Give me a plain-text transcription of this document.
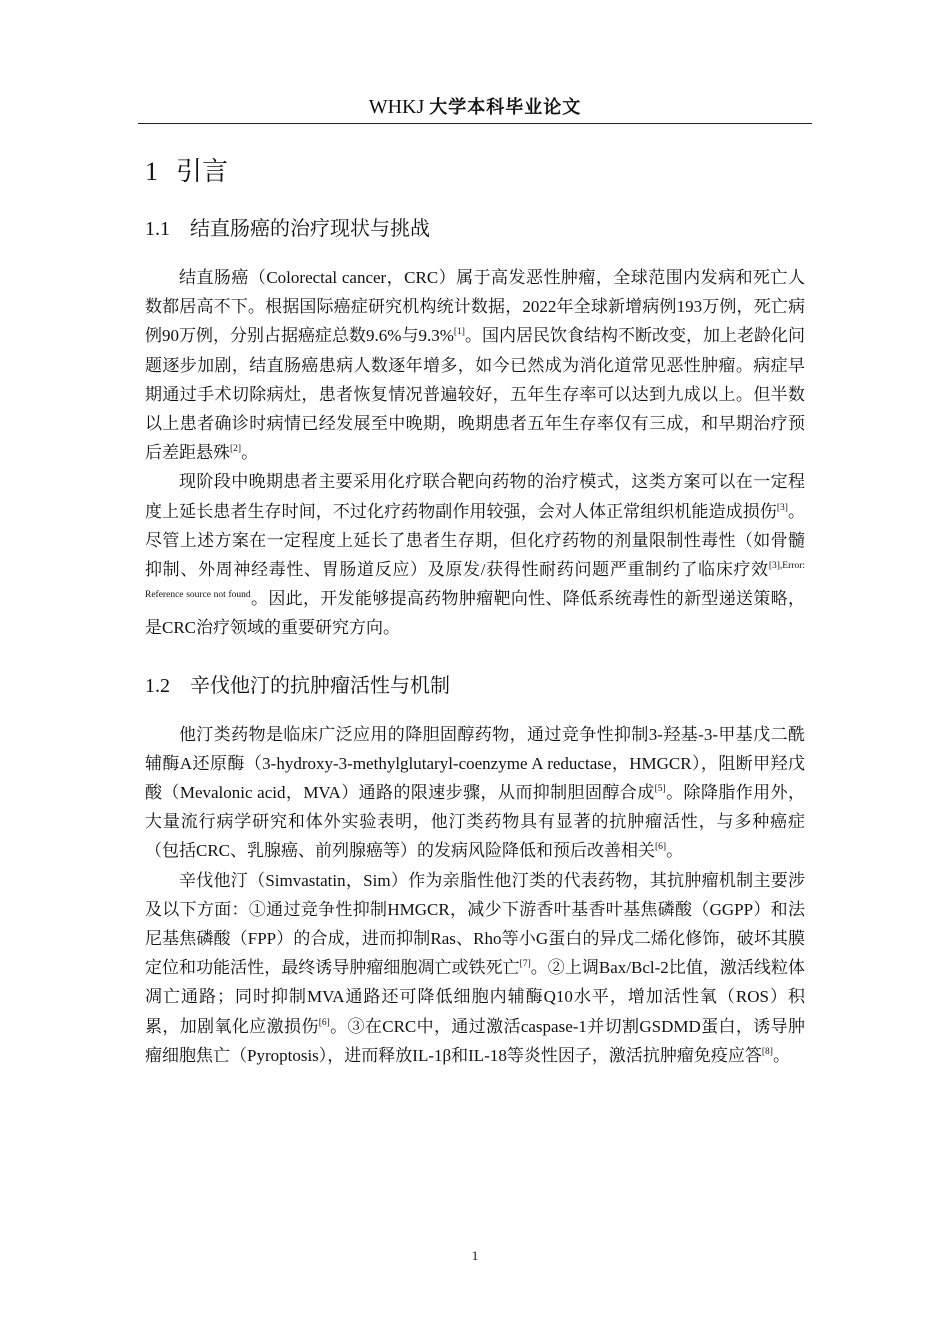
WHKJ 大学本科毕业论文
1 引言
1.1 结直肠癌的治疗现状与挑战

结直肠癌（Colorectal cancer，CRC）属于高发恶性肿瘤，全球范围内发病和死亡人数都居高不下。根据国际癌症研究机构统计数据，2022年全球新增病例193万例，死亡病例90万例，分别占据癌症总数9.6%与9.3%[1]。国内居民饮食结构不断改变，加上老龄化问题逐步加剧，结直肠癌患病人数逐年增多，如今已然成为消化道常见恶性肿瘤。病症早期通过手术切除病灶，患者恢复情况普遍较好，五年生存率可以达到九成以上。但半数以上患者确诊时病情已经发展至中晚期，晚期患者五年生存率仅有三成，和早期治疗预后差距悬殊[2]。

现阶段中晚期患者主要采用化疗联合靶向药物的治疗模式，这类方案可以在一定程度上延长患者生存时间，不过化疗药物副作用较强，会对人体正常组织机能造成损伤[3]。尽管上述方案在一定程度上延长了患者生存期，但化疗药物的剂量限制性毒性（如骨髓抑制、外周神经毒性、胃肠道反应）及原发/获得性耐药问题严重制约了临床疗效$^{[3],Error: Reference source not found}$。因此，开发能够提高药物肿瘤靶向性、降低系统毒性的新型递送策略，是CRC治疗领域的重要研究方向。

1.2 辛伐他汀的抗肿瘤活性与机制

他汀类药物是临床广泛应用的降胆固醇药物，通过竞争性抑制3-羟基-3-甲基戊二酰辅酶A还原酶（3-hydroxy-3-methylglutaryl-coenzyme A reductase，HMGCR），阻断甲羟戊酸（Mevalonic acid，MVA）通路的限速步骤，从而抑制胆固醇合成[5]。除降脂作用外，大量流行病学研究和体外实验表明，他汀类药物具有显著的抗肿瘤活性，与多种癌症（包括CRC、乳腺癌、前列腺癌等）的发病风险降低和预后改善相关[6]。

辛伐他汀（Simvastatin，Sim）作为亲脂性他汀类的代表药物，其抗肿瘤机制主要涉及以下方面：①通过竞争性抑制HMGCR，减少下游香叶基香叶基焦磷酸（GGPP）和法尼基焦磷酸（FPP）的合成，进而抑制Ras、Rho等小G蛋白的异戊二烯化修饰，破坏其膜定位和功能活性，最终诱导肿瘤细胞凋亡或铁死亡[7]。②上调Bax/Bcl-2比值，激活线粒体凋亡通路；同时抑制MVA通路还可降低细胞内辅酶Q10水平，增加活性氧（ROS）积累，加剧氧化应激损伤[6]。③在CRC中，通过激活caspase-1并切割GSDMD蛋白，诱导肿瘤细胞焦亡（Pyroptosis），进而释放IL-1β和IL-18等炎性因子，激活抗肿瘤免疫应答[8]。

1
